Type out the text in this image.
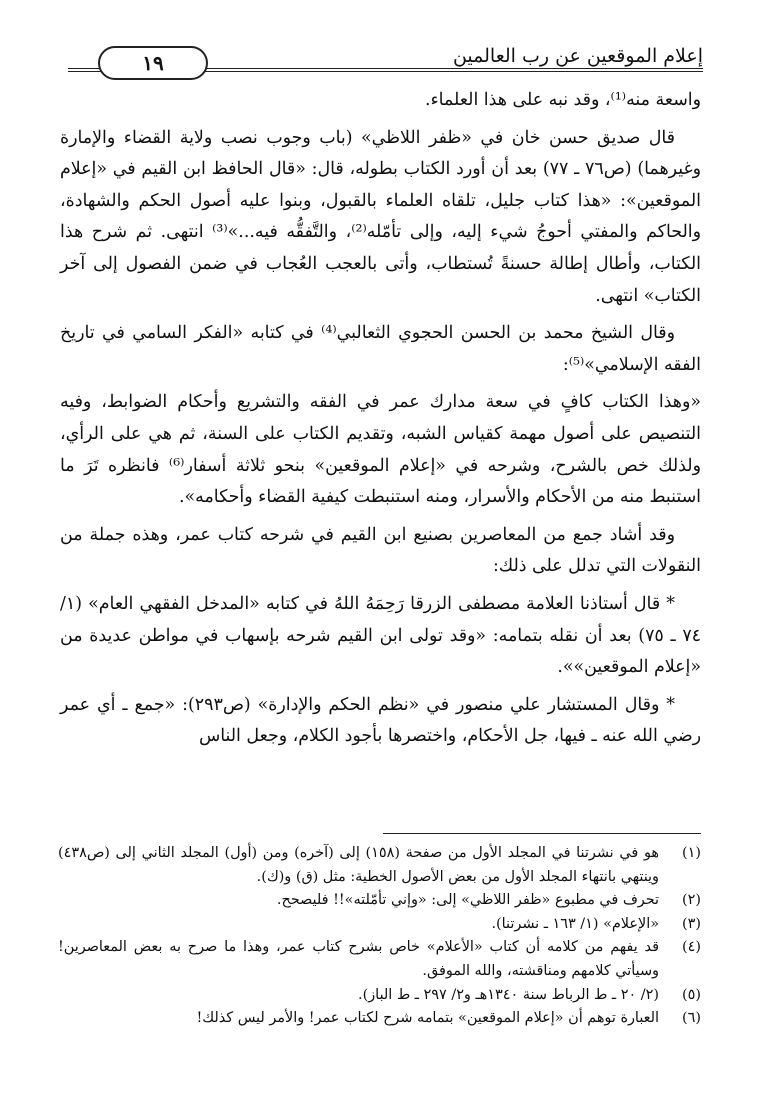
إعلام الموقعين عن رب العالمين
١٩

واسعة منه⁽¹⁾، وقد نبه على هذا العلماء.

قال صديق حسن خان في «ظفر اللاظي» (باب وجوب نصب ولاية القضاء والإمارة وغيرهما) (ص٧٦ ـ ٧٧) بعد أن أورد الكتاب بطوله، قال: «قال الحافظ ابن القيم في «إعلام الموقعين»: «هذا كتاب جليل، تلقاه العلماء بالقبول، وبنوا عليه أصول الحكم والشهادة، والحاكم والمفتي أحوجُ شيء إليه، وإلى تأمّله⁽²⁾، والتَّفقُّه فيه...»⁽³⁾ انتهى. ثم شرح هذا الكتاب، وأطال إطالة حسنةً تُستطاب، وأتى بالعجب العُجاب في ضمن الفصول إلى آخر الكتاب» انتهى.

وقال الشيخ محمد بن الحسن الحجوي الثعالبي⁽⁴⁾ في كتابه «الفكر السامي في تاريخ الفقه الإسلامي»⁽⁵⁾:

«وهذا الكتاب كافٍ في سعة مدارك عمر في الفقه والتشريع وأحكام الضوابط، وفيه التنصيص على أصول مهمة كقياس الشبه، وتقديم الكتاب على السنة، ثم هي على الرأي، ولذلك خص بالشرح، وشرحه في «إعلام الموقعين» بنحو ثلاثة أسفار⁽⁶⁾ فانظره تَرَ ما استنبط منه من الأحكام والأسرار، ومنه استنبطت كيفية القضاء وأحكامه».

وقد أشاد جمع من المعاصرين بصنيع ابن القيم في شرحه كتاب عمر، وهذه جملة من النقولات التي تدلل على ذلك:

* قال أستاذنا العلامة مصطفى الزرقا رَحِمَهُ اللهُ في كتابه «المدخل الفقهي العام» (١/ ٧٤ ـ ٧٥) بعد أن نقله بتمامه: «وقد تولى ابن القيم شرحه بإسهاب في مواطن عديدة من «إعلام الموقعين»».

* وقال المستشار علي منصور في «نظم الحكم والإدارة» (ص٢٩٣): «جمع ـ أي عمر رضي الله عنه ـ فيها، جل الأحكام، واختصرها بأجود الكلام، وجعل الناس

(١)
هو في نشرتنا في المجلد الأول من صفحة (١٥٨) إلى (آخره) ومن (أول) المجلد الثاني إلى (ص٤٣٨) وينتهي بانتهاء المجلد الأول من بعض الأصول الخطية: مثل (ق) و(ك).
(٢)
تحرف في مطبوع «ظفر اللاظي» إلى: «وإني تأمّلته»!! فليصحح.
(٣)
«الإعلام» (١/ ١٦٣ ـ نشرتنا).
(٤)
قد يفهم من كلامه أن كتاب «الأعلام» خاص بشرح كتاب عمر، وهذا ما صرح به بعض المعاصرين! وسيأتي كلامهم ومناقشته، والله الموفق.
(٥)
(٢/ ٢٠ ـ ط الرباط سنة ١٣٤٠هـ و٢/ ٢٩٧ ـ ط الباز).
(٦)
العبارة توهم أن «إعلام الموقعين» بتمامه شرح لكتاب عمر! والأمر ليس كذلك!
